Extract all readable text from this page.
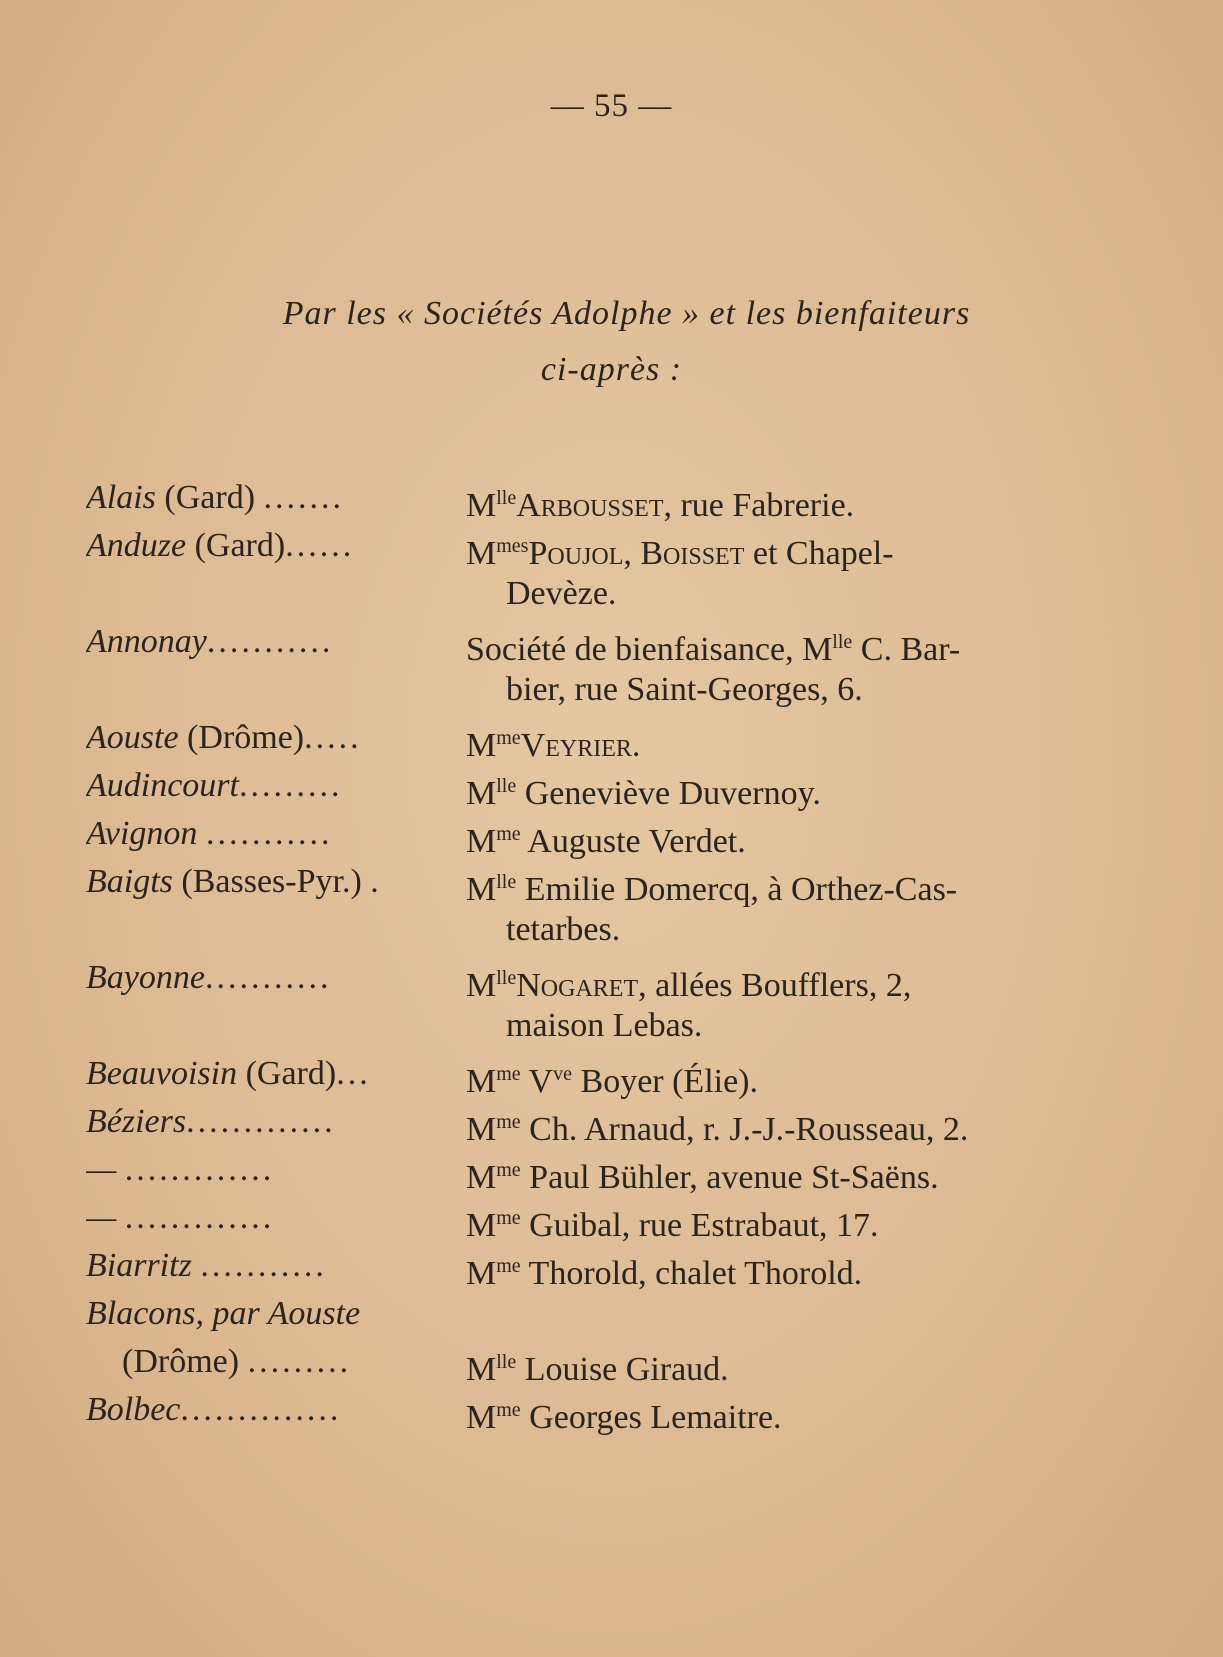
— 55 —
Par les « Sociétés Adolphe » et les bienfaiteurs
ci-après :
Alais (Gard) .......	$M^{lle}Arbousset$, rue Fabrerie.
Anduze (Gard)......	$M^{mes}Poujol$, Boisset et Chapel-
Devèze.
Annonay...........	Société de bienfaisance, $M^{lle}$ C. Bar-
bier, rue Saint-Georges, 6.
Aouste (Drôme).....	$M^{me}Veyrier$.
Audincourt.........	$M^{lle}$ Geneviève Duvernoy.
Avignon ...........	$M^{me}$ Auguste Verdet.
Baigts (Basses-Pyr.) .	$M^{lle}$ Emilie Domercq, à Orthez-Cas-
tetarbes.
Bayonne...........	$M^{lle}Nogaret$, allées Boufflers, 2,
maison Lebas.
Beauvoisin (Gard)...	$M^{me}$ $V^{ve}$ Boyer (Élie).
Béziers.............	$M^{me}$ Ch. Arnaud, r. J.-J.-Rousseau, 2.
— .............	$M^{me}$ Paul Bühler, avenue St-Saëns.
— .............	$M^{me}$ Guibal, rue Estrabaut, 17.
Biarritz ...........	$M^{me}$ Thorold, chalet Thorold.
Blacons, par Aouste
(Drôme) .........	$M^{lle}$ Louise Giraud.
Bolbec..............	$M^{me}$ Georges Lemaitre.
